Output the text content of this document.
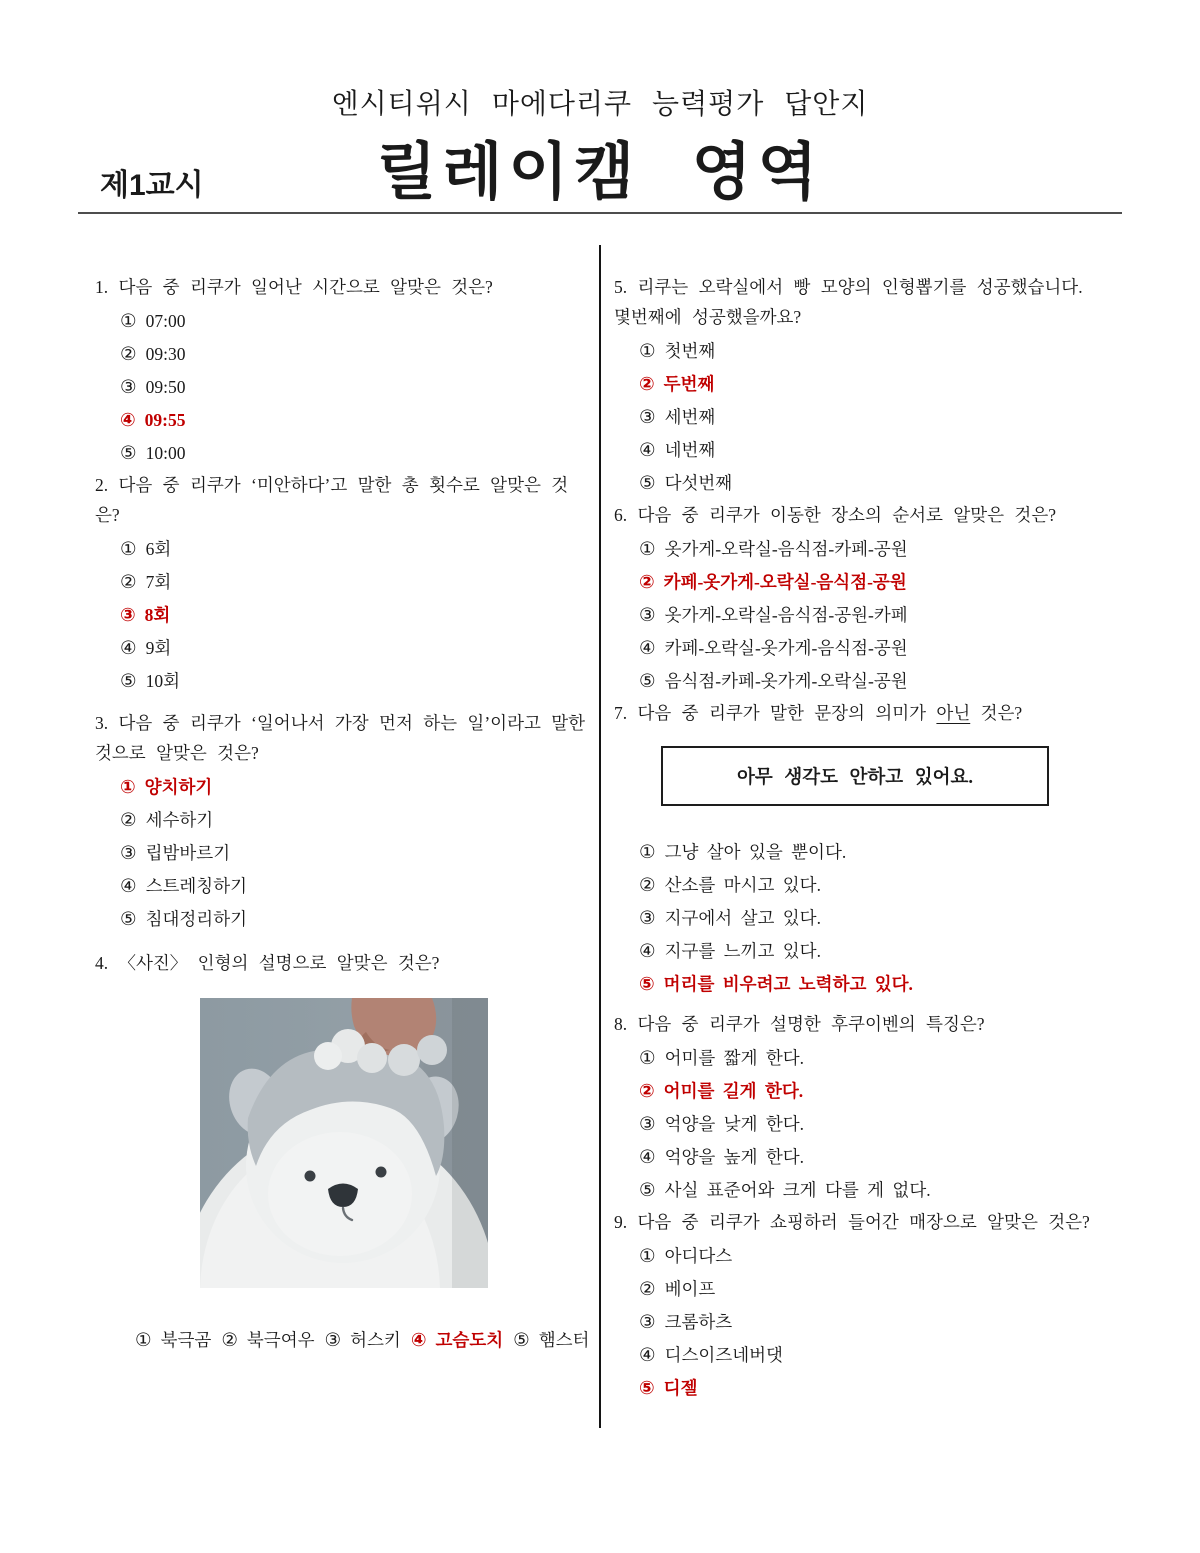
엔시티위시 마에다리쿠 능력평가 답안지
릴레이캠 영역
제1교시

1. 다음 중 리쿠가 일어난 시간으로 알맞은 것은?

① 07:00
② 09:30
③ 09:50
④ 09:55
⑤ 10:00

2. 다음 중 리쿠가 ‘미안하다’고 말한 총 횟수로 알맞은 것은?

① 6회
② 7회
③ 8회
④ 9회
⑤ 10회

3. 다음 중 리쿠가 ‘일어나서 가장 먼저 하는 일’이라고 말한 것으로 알맞은 것은?

① 양치하기
② 세수하기
③ 립밤바르기
④ 스트레칭하기
⑤ 침대정리하기

4. 〈사진〉 인형의 설명으로 알맞은 것은?

① 북극곰 ② 북극여우 ③ 허스키 ④ 고슴도치 ⑤ 햄스터

5. 리쿠는 오락실에서 빵 모양의 인형뽑기를 성공했습니다. 몇번째에 성공했을까요?

① 첫번째
② 두번째
③ 세번째
④ 네번째
⑤ 다섯번째

6. 다음 중 리쿠가 이동한 장소의 순서로 알맞은 것은?

① 옷가게-오락실-음식점-카페-공원
② 카페-옷가게-오락실-음식점-공원
③ 옷가게-오락실-음식점-공원-카페
④ 카페-오락실-옷가게-음식점-공원
⑤ 음식점-카페-옷가게-오락실-공원

7. 다음 중 리쿠가 말한 문장의 의미가 아닌 것은?

아무 생각도 안하고 있어요.
① 그냥 살아 있을 뿐이다.
② 산소를 마시고 있다.
③ 지구에서 살고 있다.
④ 지구를 느끼고 있다.
⑤ 머리를 비우려고 노력하고 있다.

8. 다음 중 리쿠가 설명한 후쿠이벤의 특징은?

① 어미를 짧게 한다.
② 어미를 길게 한다.
③ 억양을 낮게 한다.
④ 억양을 높게 한다.
⑤ 사실 표준어와 크게 다를 게 없다.

9. 다음 중 리쿠가 쇼핑하러 들어간 매장으로 알맞은 것은?

① 아디다스
② 베이프
③ 크롬하츠
④ 디스이즈네버댓
⑤ 디젤
